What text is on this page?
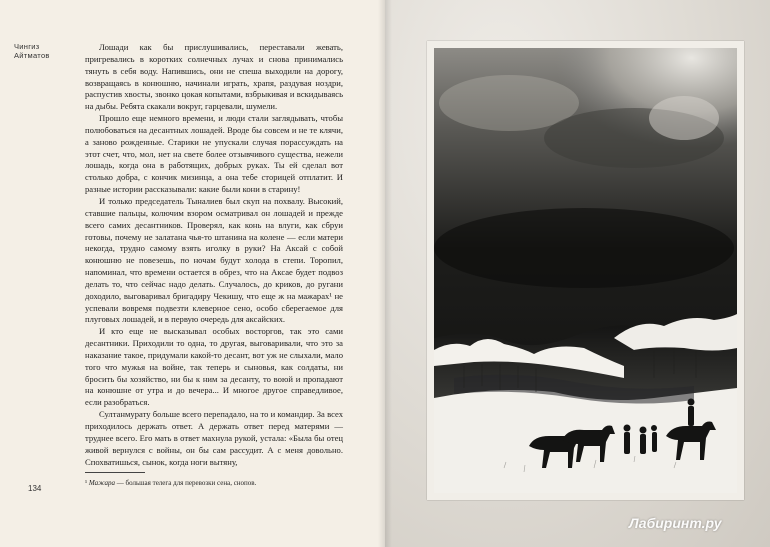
Чингиз Айтматов

Лошади как бы прислушивались, переставали жевать, пригревались в коротких солнечных лучах и снова принимались тянуть в себя воду. Напившись, они не спеша выходили на дорогу, возвращаясь в конюшню, начинали играть, храпя, раздувая ноздри, распустив хвосты, звонко цокая копытами, взбрыкивая и вскидываясь на дыбы. Ребята скакали вокруг, гарцевали, шумели.

Прошло еще немного времени, и люди стали заглядывать, чтобы полюбоваться на десантных лошадей. Вроде бы совсем и не те клячи, а заново рожденные. Старики не упускали случая порассуждать на этот счет, что, мол, нет на свете более отзывчивого существа, нежели лошадь, когда она в работящих, добрых руках. Ты ей сделал вот столько добра, с кончик мизинца, а она тебе сторицей отплатит. И разные истории рассказывали: какие были кони в старину!

И только председатель Тыналиев был скуп на похвалу. Высокий, ставшие пальцы, колючим взором осматривал он лошадей и прежде всего самих десантников. Проверял, как конь на влуги, как сбруи готовы, почему не залатана чья-то штанина на колене — если матери некогда, трудно самому взять иголку в руки? На Аксай с собой конюшню не повезешь, по ночам будут холода в степи. Торопил, напоминал, что времени остается в обрез, что на Аксае будет подвоз делать то, что сейчас надо делать. Случалось, до криков, до ругани доходило, выговаривал бригадиру Чекишу, что еще ж на мажарах¹ не успевали вовремя подвезти клеверное сено, особо сберегаемое для плуговых лошадей, и в первую очередь для аксайских.

И кто еще не высказывал особых восторгов, так это сами десантники. Приходили то одна, то другая, выговаривали, что это за наказание такое, придумали какой-то десант, вот уж не слыхали, мало того что мужья на войне, так теперь и сыновья, как солдаты, ни бросить бы хозяйство, ни бы к ним за десанту, то воюй и пропадают на конюшне от утра и до вечера... И многое другое справедливое, если разобраться.

Султанмурату больше всего перепадало, на то и командир. За всех приходилось держать ответ. А держать ответ перед матерями — труднее всего. Его мать в ответ махнула рукой, устала: «Была бы отец живой вернулся с войны, он бы сам рассудит. А с меня довольно. Спохватишься, сынок, когда ноги вытяну,

¹ Мажара — большая телега для перевозки сена, снопов.
134
Лабиринт.ру
